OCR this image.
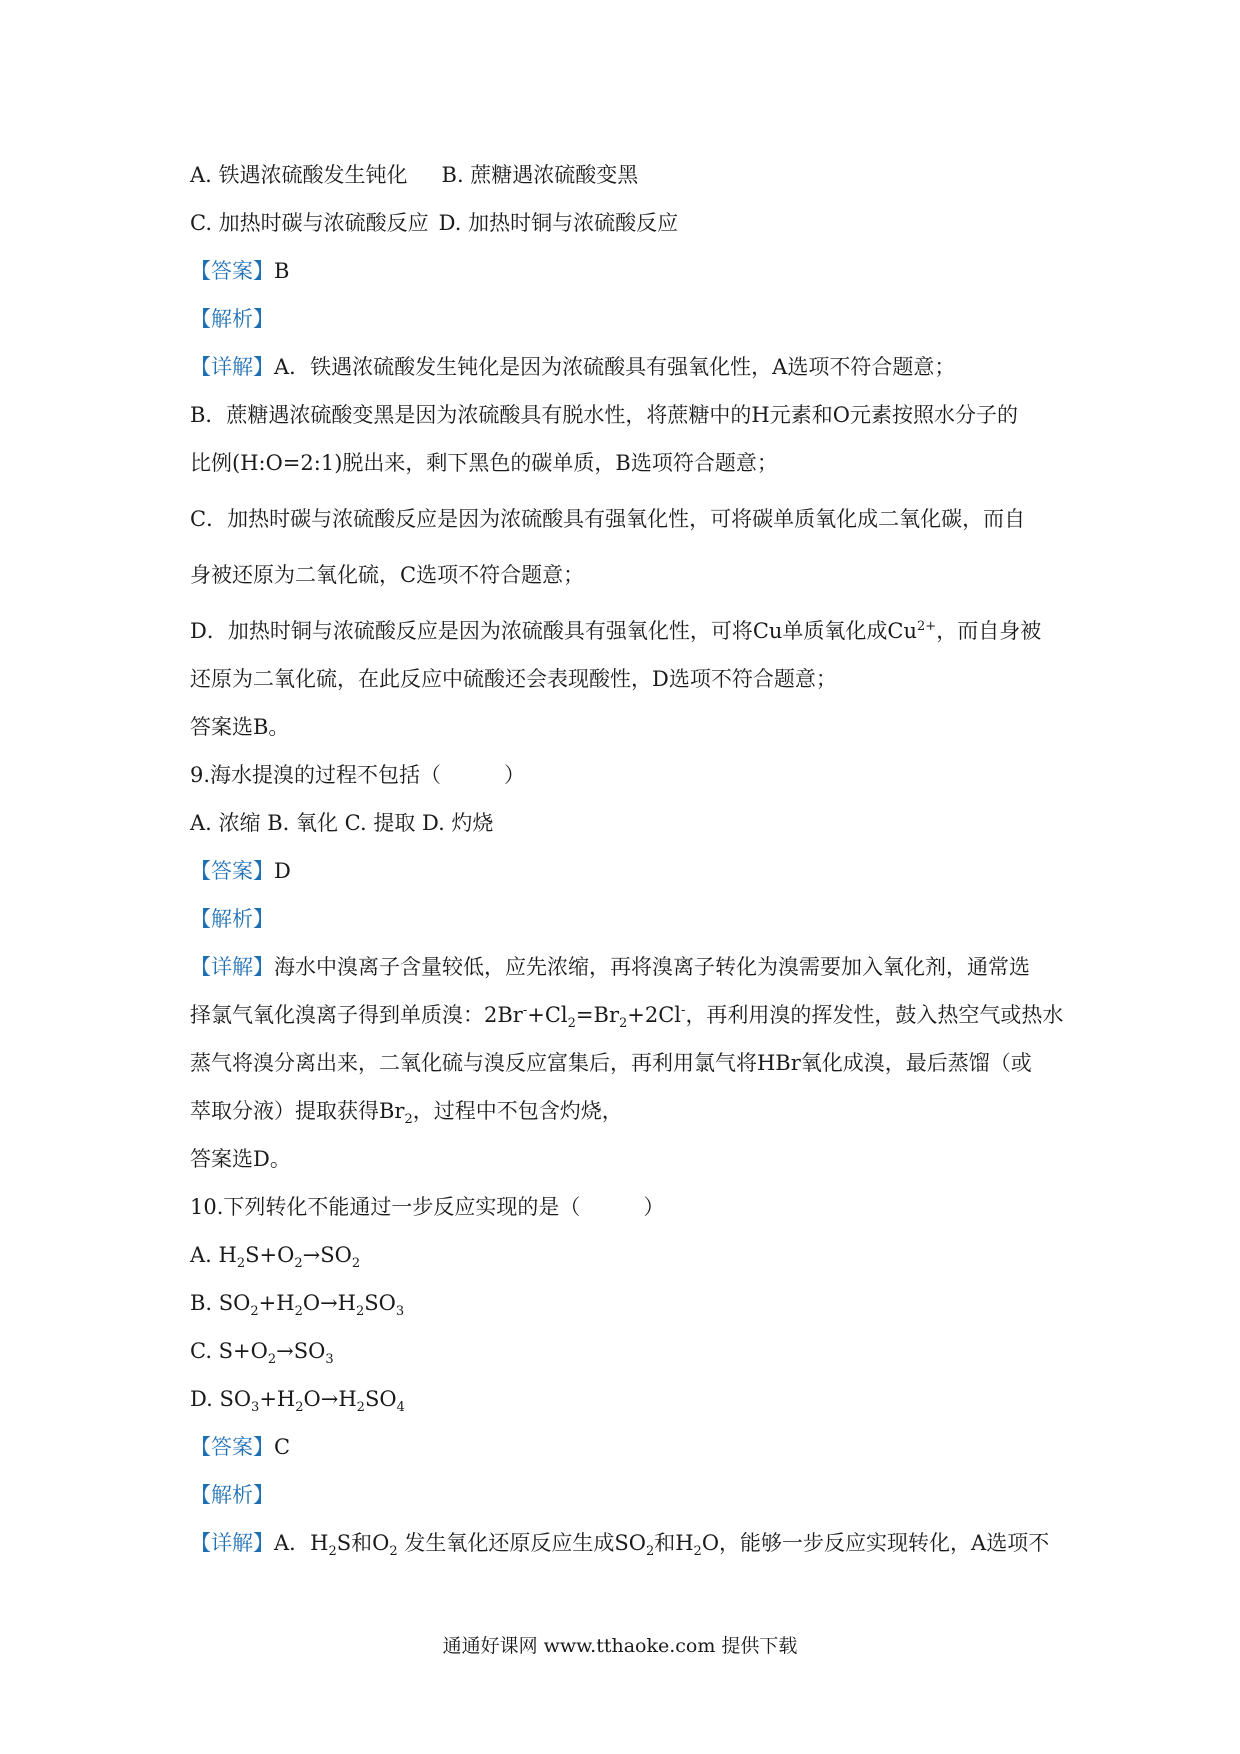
A. 铁遇浓硫酸发生钝化 B. 蔗糖遇浓硫酸变黑
C. 加热时碳与浓硫酸反应 D. 加热时铜与浓硫酸反应
【答案】B
【解析】
【详解】A．铁遇浓硫酸发生钝化是因为浓硫酸具有强氧化性，A选项不符合题意；
B．蔗糖遇浓硫酸变黑是因为浓硫酸具有脱水性，将蔗糖中的H元素和O元素按照水分子的
比例(H:O=2:1)脱出来，剩下黑色的碳单质，B选项符合题意；
C．加热时碳与浓硫酸反应是因为浓硫酸具有强氧化性，可将碳单质氧化成二氧化碳，而自
身被还原为二氧化硫，C选项不符合题意；
D．加热时铜与浓硫酸反应是因为浓硫酸具有强氧化性，可将Cu单质氧化成$Cu^{2+}$，而自身被
还原为二氧化硫，在此反应中硫酸还会表现酸性，D选项不符合题意；
答案选B。
9.海水提溴的过程不包括（　　　）
A. 浓缩 B. 氧化 C. 提取 D. 灼烧
【答案】D
【解析】
【详解】海水中溴离子含量较低，应先浓缩，再将溴离子转化为溴需要加入氧化剂，通常选
择氯气氧化溴离子得到单质溴：$2Br^-+Cl_2=Br_2+2Cl^-$，再利用溴的挥发性，鼓入热空气或热水
蒸气将溴分离出来，二氧化硫与溴反应富集后，再利用氯气将HBr氧化成溴，最后蒸馏（或
萃取分液）提取获得$Br_2$，过程中不包含灼烧，
答案选D。
10.下列转化不能通过一步反应实现的是（　　　）
A. $H_2S+O_2\to SO_2$
B. $SO_2+H_2O\to H_2SO_3$
C. $S+O_2\to SO_3$
D. $SO_3+H_2O\to H_2SO_4$
【答案】C
【解析】
【详解】A．$H_2S$和$O_2$ 发生氧化还原反应生成$SO_2$和$H_2O$，能够一步反应实现转化，A选项不
通通好课网 www.tthaoke.com 提供下载
